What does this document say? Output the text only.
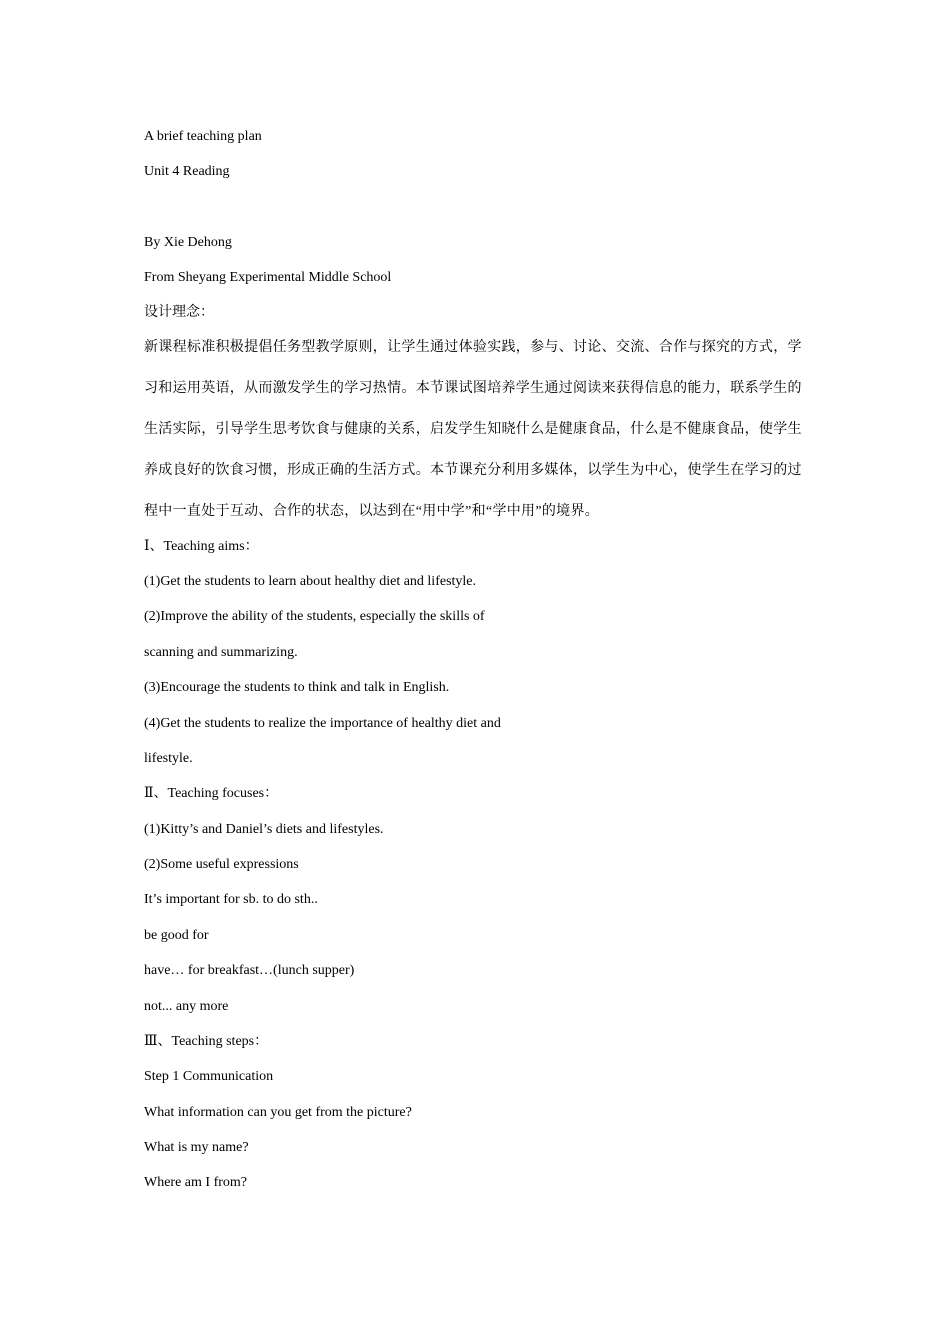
A brief teaching plan
Unit 4 Reading
By Xie Dehong
From Sheyang Experimental Middle School
设计理念：
新课程标准积极提倡任务型教学原则，让学生通过体验实践，参与、讨论、交流、合作与探究的方式，学
习和运用英语，从而激发学生的学习热情。本节课试图培养学生通过阅读来获得信息的能力，联系学生的
生活实际，引导学生思考饮食与健康的关系，启发学生知晓什么是健康食品，什么是不健康食品，使学生
养成良好的饮食习惯，形成正确的生活方式。本节课充分利用多媒体，以学生为中心，使学生在学习的过
程中一直处于互动、合作的状态，以达到在“用中学”和“学中用”的境界。
Ⅰ、Teaching aims：
(1)Get the students to learn about healthy diet and lifestyle.
(2)Improve the ability of the students, especially the skills of
scanning and summarizing.
(3)Encourage the students to think and talk in English.
(4)Get the students to realize the importance of healthy diet and
lifestyle.
Ⅱ、Teaching focuses：
(1)Kitty’s and Daniel’s diets and lifestyles.
(2)Some useful expressions
It’s important for sb. to do sth..
be good for
have… for breakfast…(lunch supper)
not... any more
Ⅲ、Teaching steps：
Step 1 Communication
What information can you get from the picture?
What is my name?
Where am I from?
